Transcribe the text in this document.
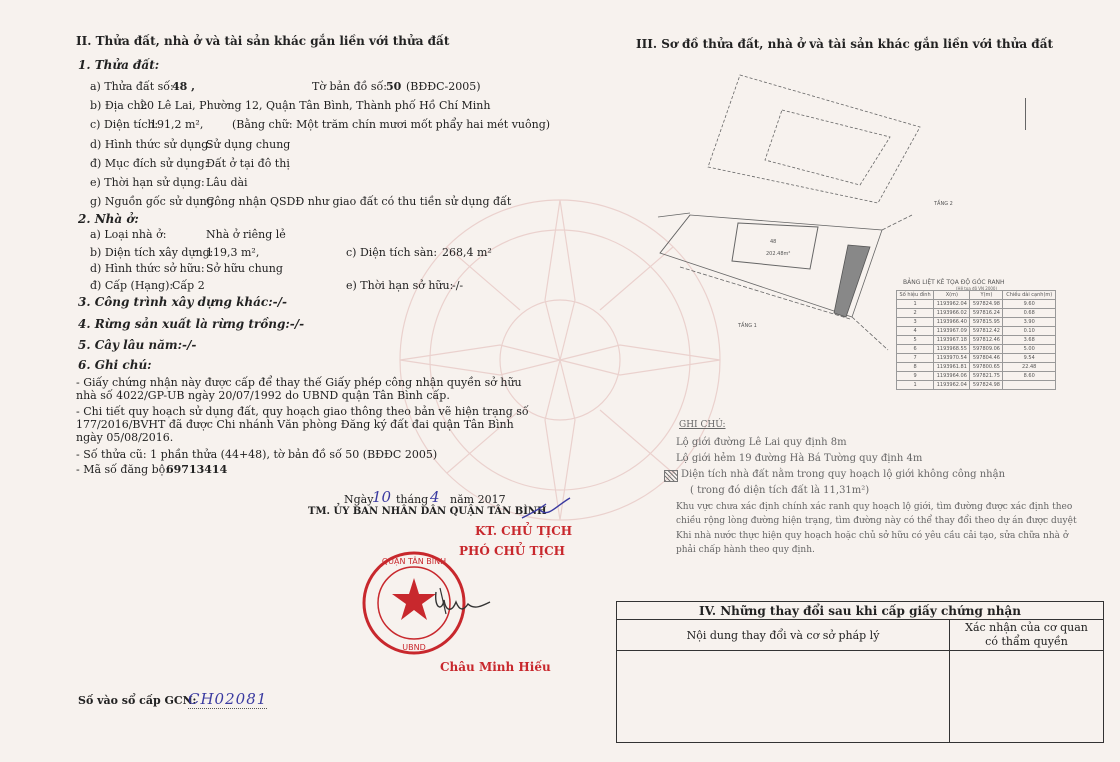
II. Thửa đất, nhà ở và tài sản khác gắn liền với thửa đất
1. Thửa đất:
a) Thửa đất số:
48 ,	Tờ bản đồ số: 50 (BĐĐC-2005)
b) Địa chỉ:
20 Lê Lai, Phường 12, Quận Tân Bình, Thành phố Hồ Chí Minh
c) Diện tích:
191,2 m²,	(Bằng chữ: Một trăm chín mươi mốt phẩy hai mét vuông)
d) Hình thức sử dụng:
Sử dụng chung
đ) Mục đích sử dụng:
Đất ở tại đô thị
e) Thời hạn sử dụng: Lâu dài
g) Nguồn gốc sử dụng:
Công nhận QSDĐ như giao đất có thu tiền sử dụng đất
2. Nhà ở:
a) Loại nhà ở:	Nhà ở riêng lẻ
b) Diện tích xây dựng:
119,3 m²,	c) Diện tích sàn: 268,4 m²
d) Hình thức sở hữu: Sở hữu chung
đ) Cấp (Hạng):
Cấp 2	e) Thời hạn sở hữu:
-/-
3. Công trình xây dựng khác:-/-
4. Rừng sản xuất là rừng trồng:-/-
5. Cây lâu năm:-/-
6. Ghi chú:
- Giấy chứng nhận này được cấp để thay thế Giấy phép công nhận quyền sở hữu nhà số 4022/GP-UB ngày 20/07/1992 do UBND quận Tân Bình cấp.
- Chi tiết quy hoạch sử dụng đất, quy hoạch giao thông theo bản vẽ hiện trạng số 177/2016/BVHT đã được Chi nhánh Văn phòng Đăng ký đất đai quận Tân Bình ngày 05/08/2016.
- Số thửa cũ: 1 phần thửa (44+48), tờ bản đồ số 50 (BĐĐC 2005)
- Mã số đăng bộ:
69713414
Ngày
10 tháng 4 năm 2017
TM. ỦY BAN NHÂN DÂN QUẬN TÂN BÌNH
KT. CHỦ TỊCH
PHÓ CHỦ TỊCH
QUẬN TÂN BÌNH
UBND
Châu Minh Hiếu
Số vào sổ cấp GCN:
CH02081
III. Sơ đồ thửa đất, nhà ở và tài sản khác gắn liền với thửa đất
48
202.48m²
TẦNG 2
TẦNG 1
BẢNG LIỆT KÊ TỌA ĐỘ GÓC RANH
(Hệ tọa độ VN 2000)
Số hiệu đỉnh	X(m)	Y(m)	Chiều dài cạnh(m)
1	1193962.04	597824.98	9.60
2	1193966.02	597816.24	0.68
3	1193966.40	597815.95	3.90
4	1193967.09	597812.42	0.10
5	1193967.18	597812.46	3.68
6	1193968.55	597809.06	5.00
7	1193970.54	597804.46	9.54
8	1193961.81	597800.65	22.48
9	1193964.06	597821.75	8.60
1	1193962.04	597824.98	
GHI CHÚ:
Lộ giới đường Lê Lai quy định 8m
Lộ giới hẻm 19 đường Hà Bá Tường quy định 4m
Diện tích nhà đất nằm trong quy hoạch lộ giới không công nhận
( trong đó diện tích đất là 11,31m²)
Khu vực chưa xác định chính xác ranh quy hoạch lộ giới, tìm đường được xác định theo
chiều rộng lòng đường hiện trạng, tìm đường này có thể thay đổi theo dự án được duyệt
Khi nhà nước thực hiện quy hoạch hoặc chủ sở hữu có yêu cầu cải tạo, sửa chữa nhà ở
phải chấp hành theo quy định.
IV. Những thay đổi sau khi cấp giấy chứng nhận	
Nội dung thay đổi và cơ sở pháp lý	Xác nhận của cơ quan
có thẩm quyền
